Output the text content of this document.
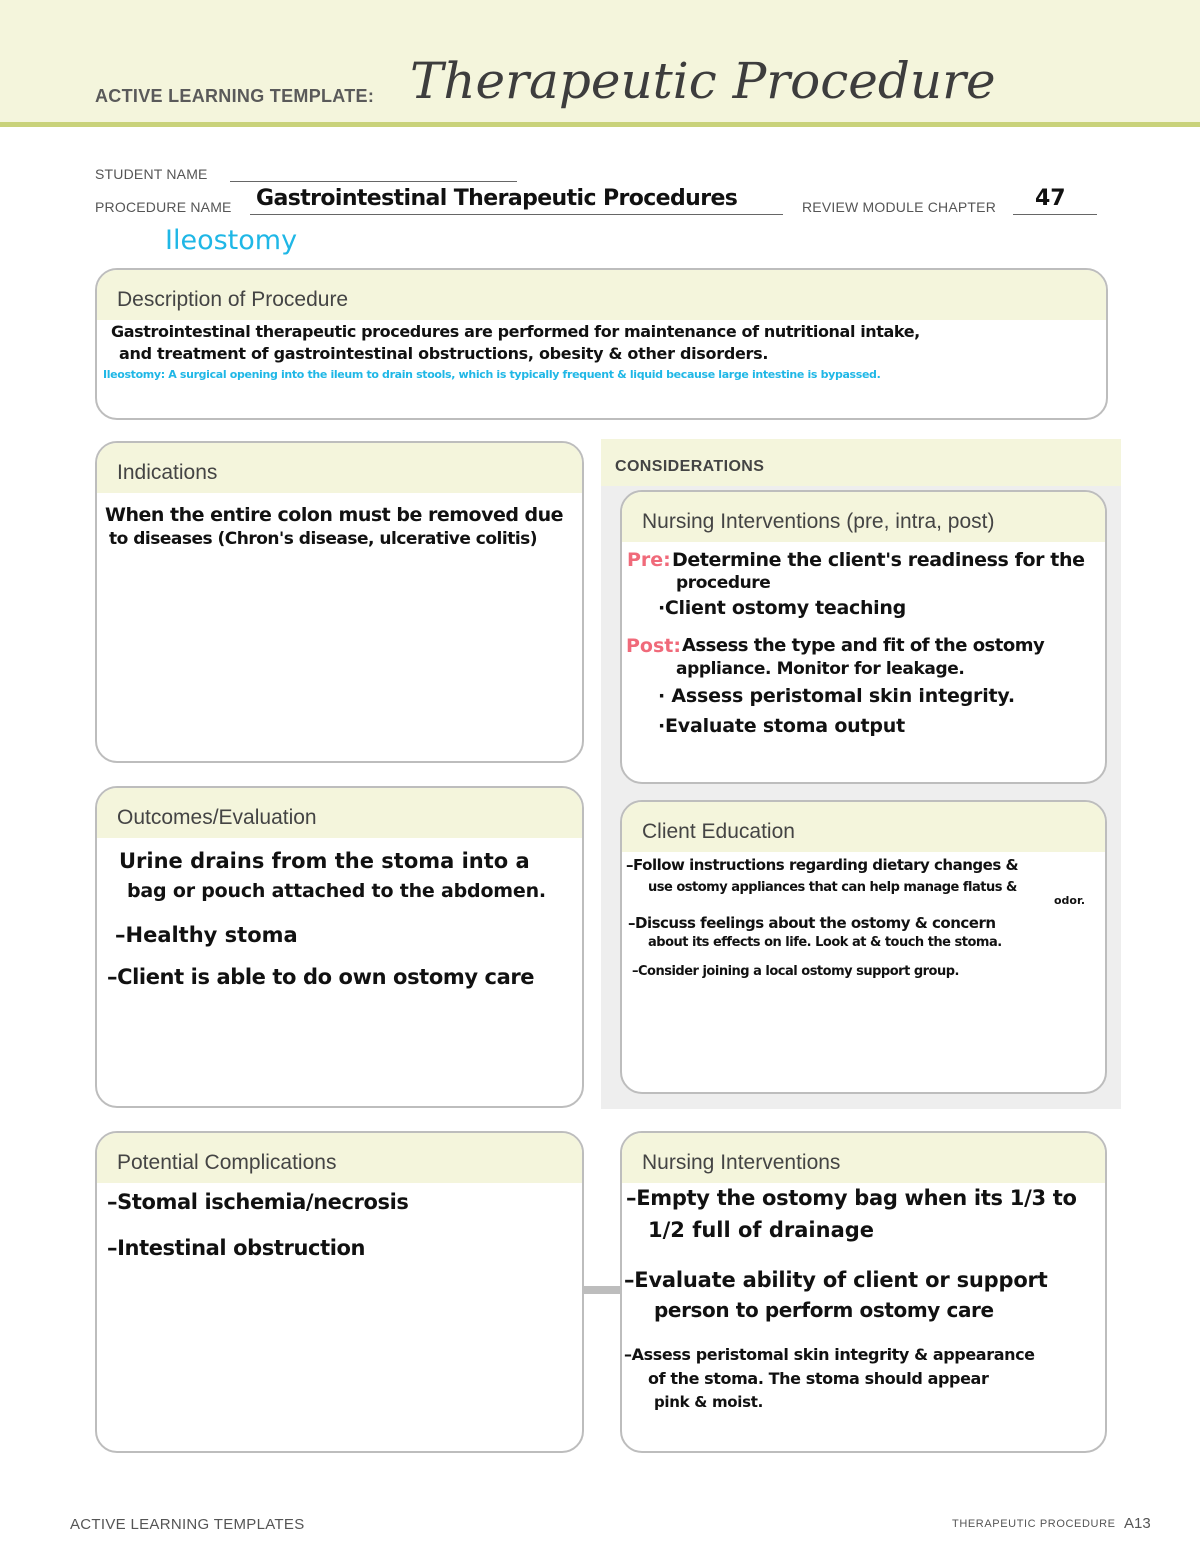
ACTIVE LEARNING TEMPLATE: Therapeutic Procedure
STUDENT NAME
PROCEDURE NAME Gastrointestinal Therapeutic Procedures
Ileostomy
REVIEW MODULE CHAPTER 47
Description of Procedure
Gastrointestinal therapeutic procedures are performed for maintenance of nutritional intake,
and treatment of gastrointestinal obstructions, obesity & other disorders.
Ileostomy: A surgical opening into the ileum to drain stools, which is typically frequent & liquid because large intestine is bypassed.
Indications
When the entire colon must be removed due
to diseases (Chron's disease, ulcerative colitis)
Outcomes/Evaluation
Urine drains from the stoma into a
bag or pouch attached to the abdomen.
–Healthy stoma
–Client is able to do own ostomy care
Potential Complications
–Stomal ischemia/necrosis
–Intestinal obstruction
CONSIDERATIONS
Nursing Interventions (pre, intra, post)
Pre: Determine the client's readiness for the
procedure
·Client ostomy teaching
Post: Assess the type and fit of the ostomy
appliance. Monitor for leakage.
· Assess peristomal skin integrity.
·Evaluate stoma output
Client Education
–Follow instructions regarding dietary changes &
use ostomy appliances that can help manage flatus &
odor.
–Discuss feelings about the ostomy & concern
about its effects on life. Look at & touch the stoma.
–Consider joining a local ostomy support group.
Nursing Interventions
–Empty the ostomy bag when its 1/3 to
1/2 full of drainage
–Evaluate ability of client or support
person to perform ostomy care
–Assess peristomal skin integrity & appearance
of the stoma. The stoma should appear
pink & moist.
ACTIVE LEARNING TEMPLATES	THERAPEUTIC PROCEDURE A13
